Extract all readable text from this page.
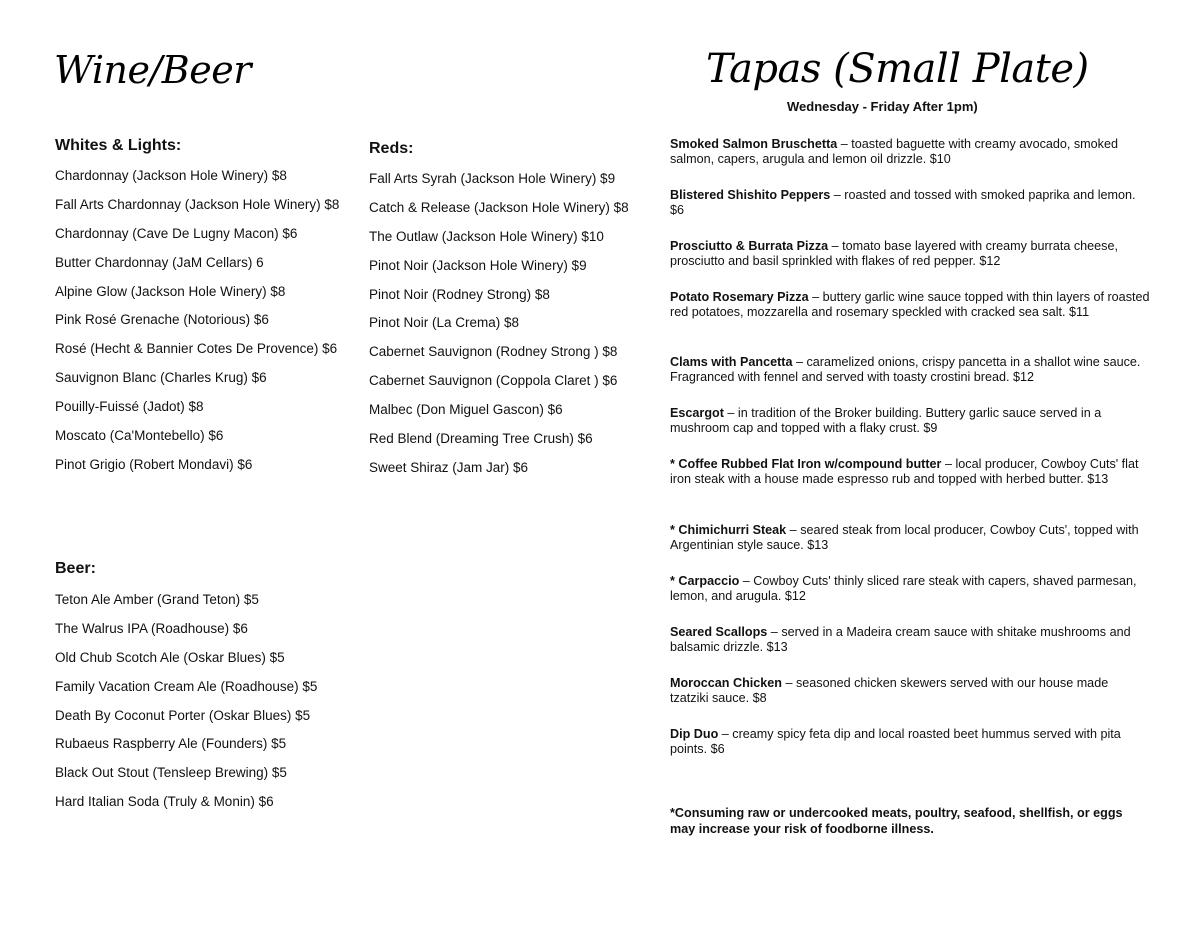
Wine/Beer
Whites & Lights:
Chardonnay (Jackson Hole Winery) $8
Fall Arts Chardonnay (Jackson Hole Winery) $8
Chardonnay (Cave De Lugny Macon) $6
Butter Chardonnay (JaM Cellars) 6
Alpine Glow (Jackson Hole Winery) $8
Pink Rosé Grenache (Notorious) $6
Rosé (Hecht & Bannier Cotes De Provence) $6
Sauvignon Blanc (Charles Krug) $6
Pouilly-Fuissé (Jadot) $8
Moscato (Ca'Montebello) $6
Pinot Grigio (Robert Mondavi) $6
Reds:
Fall Arts Syrah (Jackson Hole Winery) $9
Catch & Release (Jackson Hole Winery) $8
The Outlaw (Jackson Hole Winery) $10
Pinot Noir (Jackson Hole Winery) $9
Pinot Noir (Rodney Strong) $8
Pinot Noir (La Crema) $8
Cabernet Sauvignon (Rodney Strong ) $8
Cabernet Sauvignon (Coppola Claret ) $6
Malbec (Don Miguel Gascon) $6
Red Blend (Dreaming Tree Crush) $6
Sweet Shiraz (Jam Jar) $6
Beer:
Teton Ale Amber (Grand Teton) $5
The Walrus IPA (Roadhouse) $6
Old Chub Scotch Ale (Oskar Blues) $5
Family Vacation Cream Ale (Roadhouse) $5
Death By Coconut Porter (Oskar Blues) $5
Rubaeus Raspberry Ale (Founders) $5
Black Out Stout (Tensleep Brewing) $5
Hard Italian Soda (Truly & Monin) $6
Tapas (Small Plate)
Wednesday - Friday After 1pm)
Smoked Salmon Bruschetta – toasted baguette with creamy avocado, smoked salmon, capers, arugula and lemon oil drizzle. $10
Blistered Shishito Peppers – roasted and tossed with smoked paprika and lemon. $6
Prosciutto & Burrata Pizza – tomato base layered with creamy burrata cheese, prosciutto and basil sprinkled with flakes of red pepper. $12
Potato Rosemary Pizza – buttery garlic wine sauce topped with thin layers of roasted red potatoes, mozzarella and rosemary speckled with cracked sea salt. $11
Clams with Pancetta – caramelized onions, crispy pancetta in a shallot wine sauce. Fragranced with fennel and served with toasty crostini bread. $12
Escargot – in tradition of the Broker building. Buttery garlic sauce served in a mushroom cap and topped with a flaky crust. $9
* Coffee Rubbed Flat Iron w/compound butter – local producer, Cowboy Cuts' flat iron steak with a house made espresso rub and topped with herbed butter. $13
* Chimichurri Steak – seared steak from local producer, Cowboy Cuts', topped with Argentinian style sauce. $13
* Carpaccio – Cowboy Cuts' thinly sliced rare steak with capers, shaved parmesan, lemon, and arugula. $12
Seared Scallops – served in a Madeira cream sauce with shitake mushrooms and balsamic drizzle. $13
Moroccan Chicken – seasoned chicken skewers served with our house made tzatziki sauce. $8
Dip Duo – creamy spicy feta dip and local roasted beet hummus served with pita points. $6
*Consuming raw or undercooked meats, poultry, seafood, shellfish, or eggs may increase your risk of foodborne illness.
